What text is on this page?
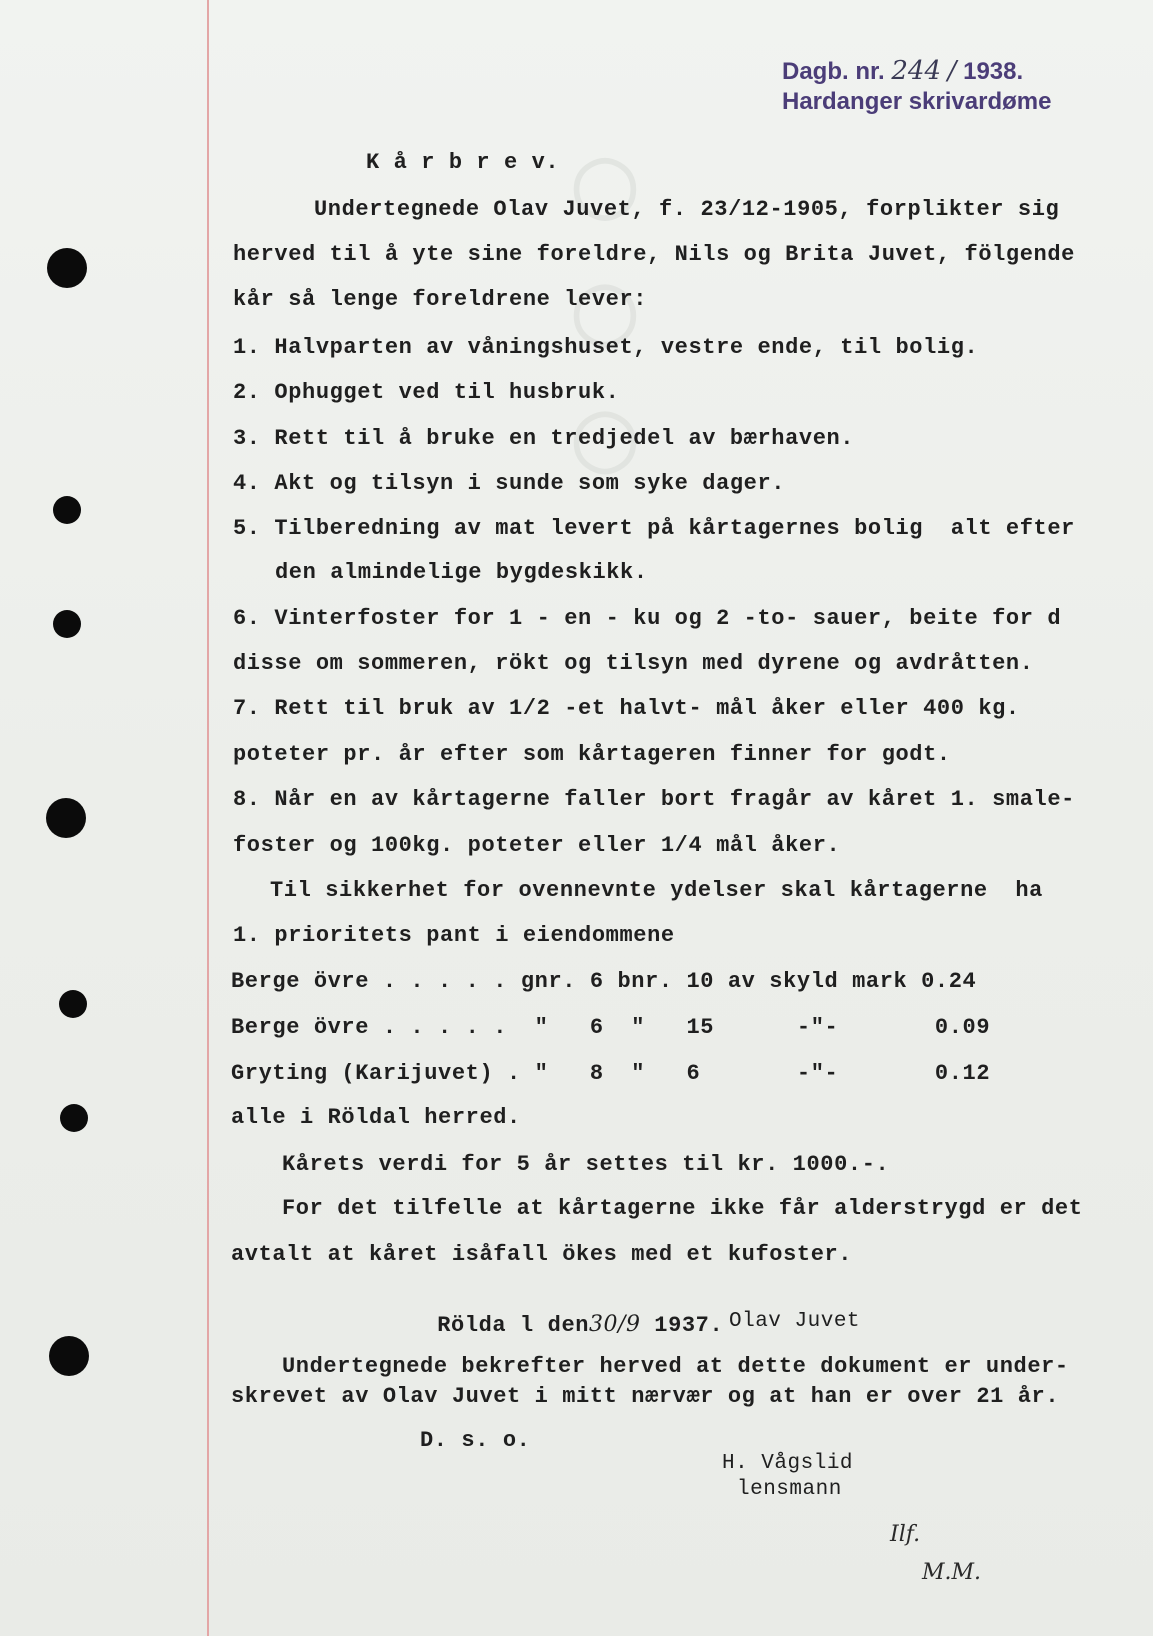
◯ ◯ ◯
Dagb. nr. 244 / 1938.
Hardanger skrivardøme
K å r b r e v.
Undertegnede Olav Juvet, f. 23/12-1905, forplikter sig
herved til å yte sine foreldre, Nils og Brita Juvet, fölgende
kår så lenge foreldrene lever:
1. Halvparten av våningshuset, vestre ende, til bolig.
2. Ophugget ved til husbruk.
3. Rett til å bruke en tredjedel av bærhaven.
4. Akt og tilsyn i sunde som syke dager.
5. Tilberedning av mat levert på kårtagernes bolig  alt efter
den almindelige bygdeskikk.
6. Vinterfoster for 1 - en - ku og 2 -to- sauer, beite for d
disse om sommeren, rökt og tilsyn med dyrene og avdråtten.
7. Rett til bruk av 1/2 -et halvt- mål åker eller 400 kg.
poteter pr. år efter som kårtageren finner for godt.
8. Når en av kårtagerne faller bort fragår av kåret 1. smale-
foster og 100kg. poteter eller 1/4 mål åker.
Til sikkerhet for ovennevnte ydelser skal kårtagerne  ha
1. prioritets pant i eiendommene
Berge övre . . . . . gnr. 6 bnr. 10 av skyld mark 0.24
Berge övre . . . . .  "   6  "   15      -"-       0.09
Gryting (Karijuvet) . "   8  "   6       -"-       0.12
alle i Röldal herred.
Kårets verdi for 5 år settes til kr. 1000.-.
For det tilfelle at kårtagerne ikke får alderstrygd er det
avtalt at kåret isåfall ökes med et kufoster.

Rölda l den30/9 1937.
Olav Juvet
Undertegnede bekrefter herved at dette dokument er under-
skrevet av Olav Juvet i mitt nærvær og at han er over 21 år.
D. s. o.
H. Vågslid
lensmann
Ilf.
M.M.
